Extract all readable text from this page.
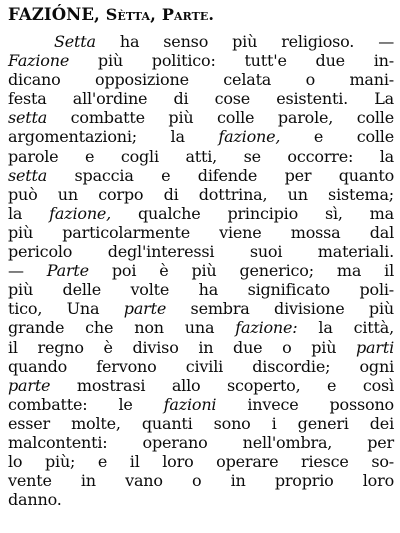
FAZIÓNE, Sètta, Parte.
Setta ha senso più religioso. —
Fazione più politico: tutt'e due in-
dicano opposizione celata o mani-
festa all'ordine di cose esistenti. La
setta combatte più colle parole, colle
argomentazioni; la fazione, e colle
parole e cogli atti, se occorre: la
setta spaccia e difende per quanto
può un corpo di dottrina, un sistema;
la fazione, qualche principio sì, ma
più particolarmente viene mossa dal
pericolo degl'interessi suoi materiali.
— Parte poi è più generico; ma il
più delle volte ha significato poli-
tico, Una parte sembra divisione più
grande che non una fazione: la città,
il regno è diviso in due o più parti
quando fervono civili discordie; ogni
parte mostrasi allo scoperto, e così
combatte: le fazioni invece possono
esser molte, quanti sono i generi dei
malcontenti: operano nell'ombra, per
lo più; e il loro operare riesce so-
vente in vano o in proprio loro
danno.
